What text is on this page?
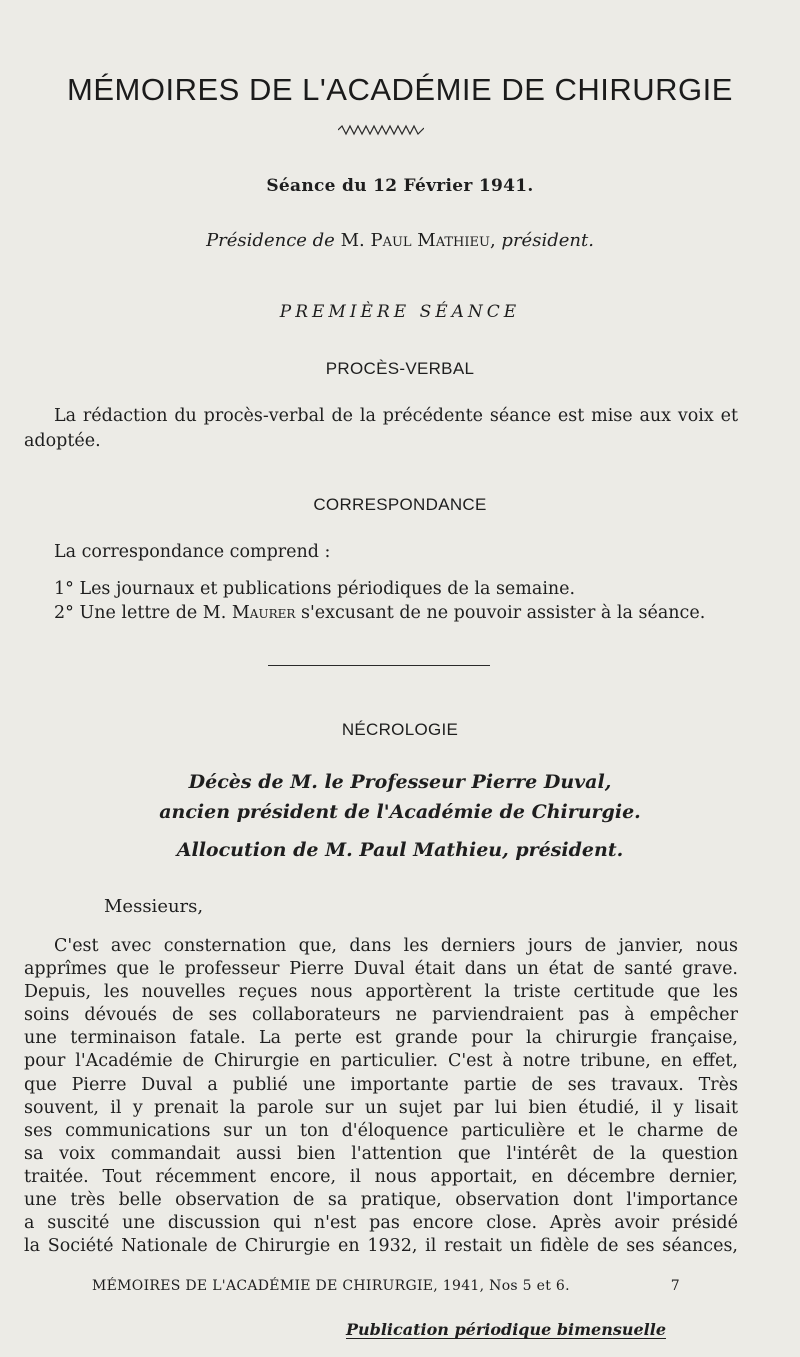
MÉMOIRES DE L'ACADÉMIE DE CHIRURGIE
Séance du 12 Février 1941.
Présidence de M. Paul Mathieu, président.
PREMIÈRE SÉANCE
PROCÈS-VERBAL

La rédaction du procès-verbal de la précédente séance est mise aux voix et adoptée.

CORRESPONDANCE

La correspondance comprend :

1° Les journaux et publications périodiques de la semaine.

2° Une lettre de M. Maurer s'excusant de ne pouvoir assister à la séance.

NÉCROLOGIE
Décès de M. le Professeur Pierre Duval,
ancien président de l'Académie de Chirurgie.
Allocution de M. Paul Mathieu, président.
Messieurs,
C'est avec consternation que, dans les derniers jours de janvier, nous
apprîmes que le professeur Pierre Duval était dans un état de santé grave.
Depuis, les nouvelles reçues nous apportèrent la triste certitude que les
soins dévoués de ses collaborateurs ne parviendraient pas à empêcher
une terminaison fatale. La perte est grande pour la chirurgie française,
pour l'Académie de Chirurgie en particulier. C'est à notre tribune, en effet,
que Pierre Duval a publié une importante partie de ses travaux. Très
souvent, il y prenait la parole sur un sujet par lui bien étudié, il y lisait
ses communications sur un ton d'éloquence particulière et le charme de
sa voix commandait aussi bien l'attention que l'intérêt de la question
traitée. Tout récemment encore, il nous apportait, en décembre dernier,
une très belle observation de sa pratique, observation dont l'importance
a suscité une discussion qui n'est pas encore close. Après avoir présidé
la Société Nationale de Chirurgie en 1932, il restait un fidèle de ses séances,
MÉMOIRES DE L'ACADÉMIE DE CHIRURGIE, 1941, Nos 5 et 6.	7
Publication périodique bimensuelle
